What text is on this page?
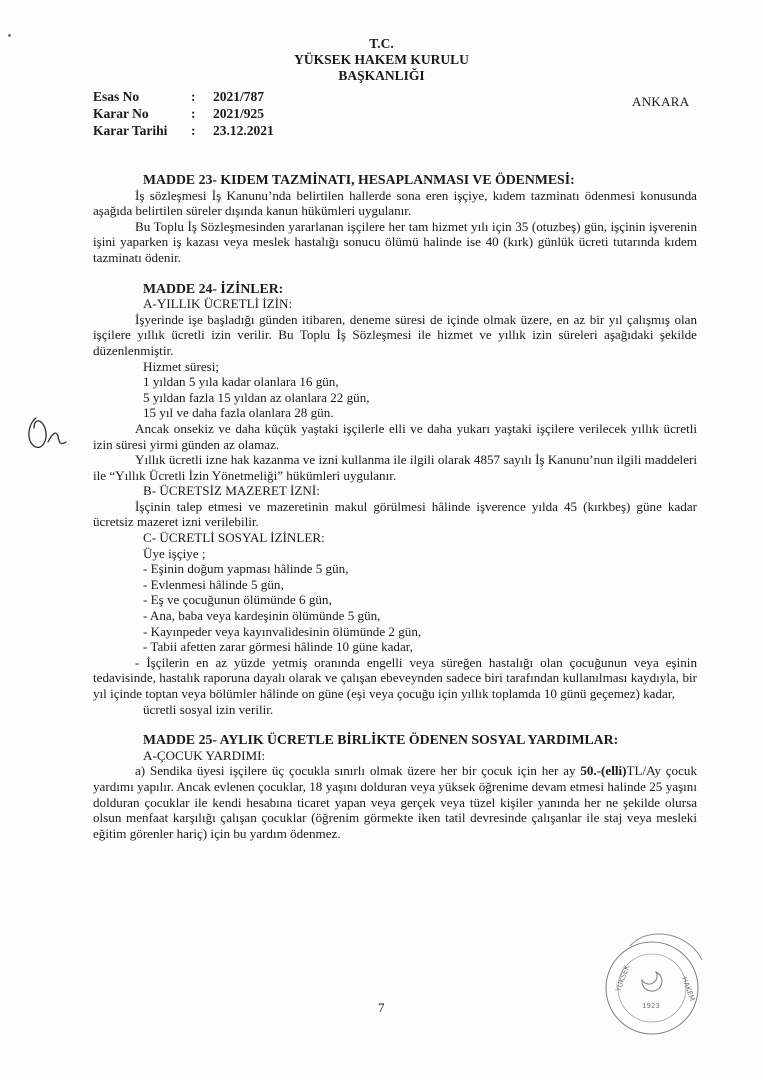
T.C.
YÜKSEK HAKEM KURULU
BAŞKANLIĞI
Esas No	:	2021/787
Karar No	:	2021/925
Karar Tarihi	:	23.12.2021
ANKARA

MADDE 23- KIDEM TAZMİNATI, HESAPLANMASI VE ÖDENMESİ:

İş sözleşmesi İş Kanunu’nda belirtilen hallerde sona eren işçiye, kıdem tazminatı ödenmesi konusunda aşağıda belirtilen süreler dışında kanun hükümleri uygulanır.

Bu Toplu İş Sözleşmesinden yararlanan işçilere her tam hizmet yılı için 35 (otuzbeş) gün, işçinin işverenin işini yaparken iş kazası veya meslek hastalığı sonucu ölümü halinde ise 40 (kırk) günlük ücreti tutarında kıdem tazminatı ödenir.

MADDE 24- İZİNLER:

A-YILLIK ÜCRETLİ İZİN:

İşyerinde işe başladığı günden itibaren, deneme süresi de içinde olmak üzere, en az bir yıl çalışmış olan işçilere yıllık ücretli izin verilir. Bu Toplu İş Sözleşmesi ile hizmet ve yıllık izin süreleri aşağıdaki şekilde düzenlenmiştir.

Hizmet süresi;

1 yıldan 5 yıla kadar olanlara 16 gün,

5 yıldan fazla 15 yıldan az olanlara 22 gün,

15 yıl ve daha fazla olanlara 28 gün.

Ancak onsekiz ve daha küçük yaştaki işçilerle elli ve daha yukarı yaştaki işçilere verilecek yıllık ücretli izin süresi yirmi günden az olamaz.

Yıllık ücretli izne hak kazanma ve izni kullanma ile ilgili olarak 4857 sayılı İş Kanunu’nun ilgili maddeleri ile “Yıllık Ücretli İzin Yönetmeliği” hükümleri uygulanır.

B- ÜCRETSİZ MAZERET İZNİ:

İşçinin talep etmesi ve mazeretinin makul görülmesi hâlinde işverence yılda 45 (kırkbeş) güne kadar ücretsiz mazeret izni verilebilir.

C- ÜCRETLİ SOSYAL İZİNLER:

Üye işçiye ;

- Eşinin doğum yapması hâlinde 5 gün,

- Evlenmesi hâlinde 5 gün,

- Eş ve çocuğunun ölümünde 6 gün,

- Ana, baba veya kardeşinin ölümünde 5 gün,

- Kayınpeder veya kayınvalidesinin ölümünde 2 gün,

- Tabii afetten zarar görmesi hâlinde 10 güne kadar,

- İşçilerin en az yüzde yetmiş oranında engelli veya süreğen hastalığı olan çocuğunun veya eşinin tedavisinde, hastalık raporuna dayalı olarak ve çalışan ebeveynden sadece biri tarafından kullanılması kaydıyla, bir yıl içinde toptan veya bölümler hâlinde on güne (eşi veya çocuğu için yıllık toplamda 10 günü geçemez) kadar,

ücretli sosyal izin verilir.

MADDE 25- AYLIK ÜCRETLE BİRLİKTE ÖDENEN SOSYAL YARDIMLAR:

A-ÇOCUK YARDIMI:

a) Sendika üyesi işçilere üç çocukla sınırlı olmak üzere her bir çocuk için her ay 50.-(elli)TL/Ay çocuk yardımı yapılır. Ancak evlenen çocuklar, 18 yaşını dolduran veya yüksek öğrenime devam etmesi halinde 25 yaşını dolduran çocuklar ile kendi hesabına ticaret yapan veya gerçek veya tüzel kişiler yanında her ne şekilde olursa olsun menfaat karşılığı çalışan çocuklar (öğrenim görmekte iken tatil devresinde çalışanlar ile staj veya mesleki eğitim görenler hariç) için bu yardım ödenmez.

7
YÜKSEK	HAKEM
1923
